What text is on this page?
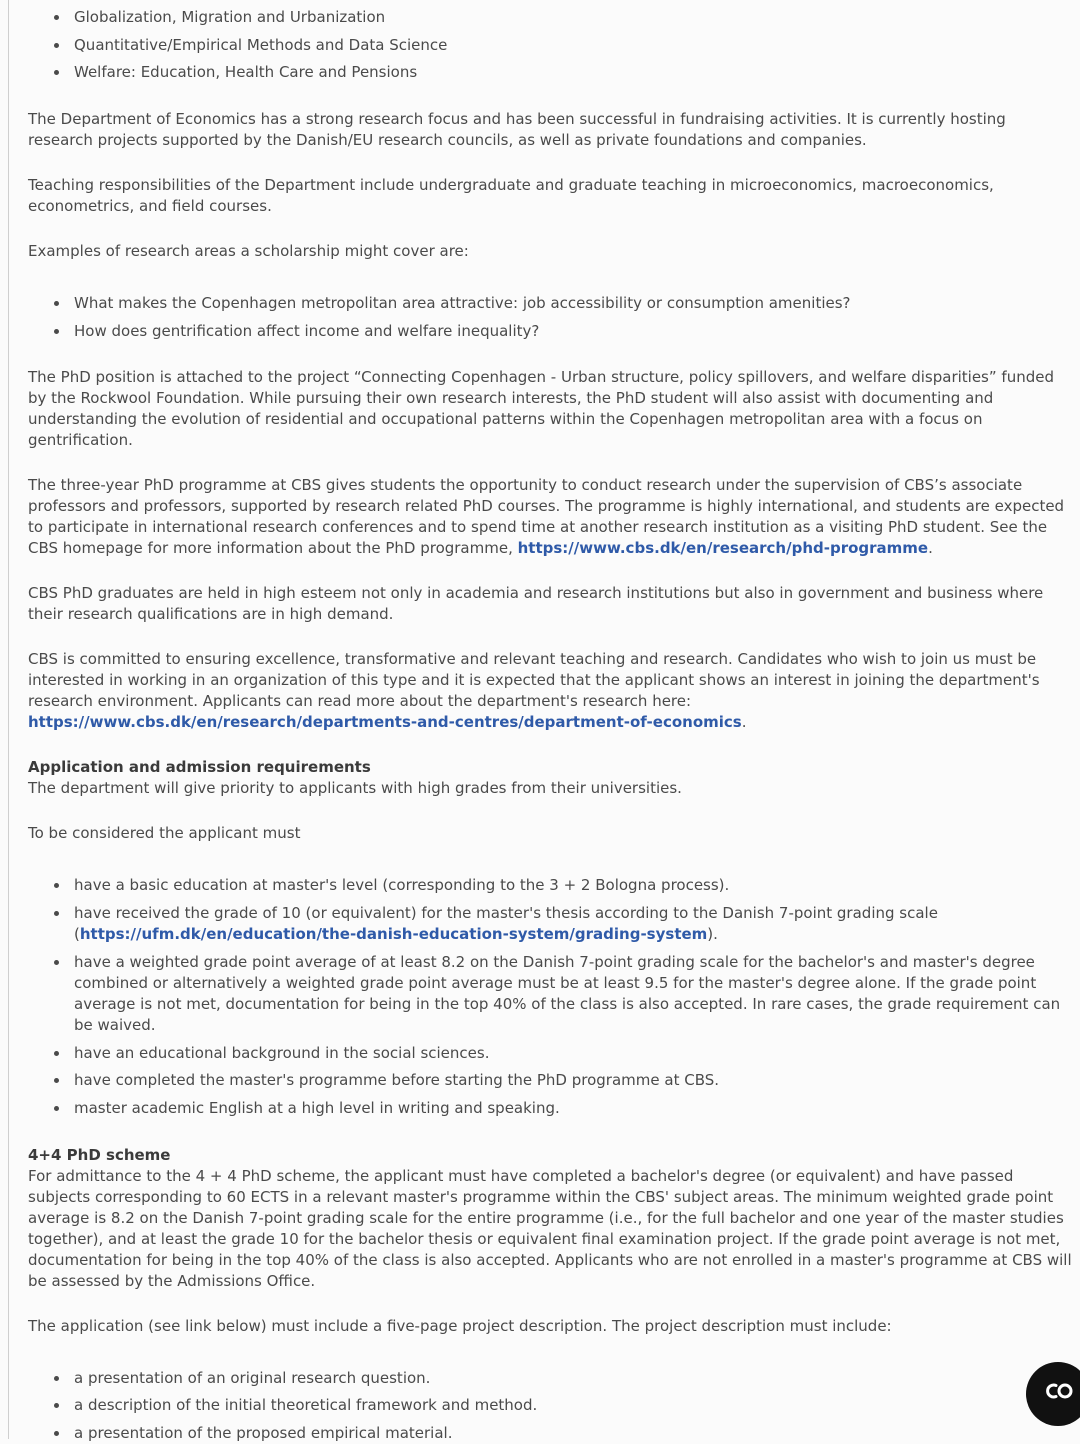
Globalization, Migration and Urbanization
Quantitative/Empirical Methods and Data Science
Welfare: Education, Health Care and Pensions

The Department of Economics has a strong research focus and has been successful in fundraising activities. It is currently hosting research projects supported by the Danish/EU research councils, as well as private foundations and companies.

Teaching responsibilities of the Department include undergraduate and graduate teaching in microeconomics, macroeconomics, econometrics, and field courses.

Examples of research areas a scholarship might cover are:

What makes the Copenhagen metropolitan area attractive: job accessibility or consumption amenities?
How does gentrification affect income and welfare inequality?

The PhD position is attached to the project “Connecting Copenhagen - Urban structure, policy spillovers, and welfare disparities” funded by the Rockwool Foundation. While pursuing their own research interests, the PhD student will also assist with documenting and understanding the evolution of residential and occupational patterns within the Copenhagen metropolitan area with a focus on gentrification.

The three-year PhD programme at CBS gives students the opportunity to conduct research under the supervision of CBS’s associate professors and professors, supported by research related PhD courses. The programme is highly international, and students are expected to participate in international research conferences and to spend time at another research institution as a visiting PhD student. See the CBS homepage for more information about the PhD programme, https://www.cbs.dk/en/research/phd-programme.

CBS PhD graduates are held in high esteem not only in academia and research institutions but also in government and business where their research qualifications are in high demand.

CBS is committed to ensuring excellence, transformative and relevant teaching and research. Candidates who wish to join us must be interested in working in an organization of this type and it is expected that the applicant shows an interest in joining the department's research environment. Applicants can read more about the department's research here:
https://www.cbs.dk/en/research/departments-and-centres/department-of-economics.

Application and admission requirements
The department will give priority to applicants with high grades from their universities.

To be considered the applicant must

have a basic education at master's level (corresponding to the 3 + 2 Bologna process).
have received the grade of 10 (or equivalent) for the master's thesis according to the Danish 7-point grading scale (https://ufm.dk/en/education/the-danish-education-system/grading-system).
have a weighted grade point average of at least 8.2 on the Danish 7-point grading scale for the bachelor's and master's degree combined or alternatively a weighted grade point average must be at least 9.5 for the master's degree alone. If the grade point average is not met, documentation for being in the top 40% of the class is also accepted. In rare cases, the grade requirement can be waived.
have an educational background in the social sciences.
have completed the master's programme before starting the PhD programme at CBS.
master academic English at a high level in writing and speaking.

4+4 PhD scheme
For admittance to the 4 + 4 PhD scheme, the applicant must have completed a bachelor's degree (or equivalent) and have passed subjects corresponding to 60 ECTS in a relevant master's programme within the CBS' subject areas. The minimum weighted grade point average is 8.2 on the Danish 7-point grading scale for the entire programme (i.e., for the full bachelor and one year of the master studies together), and at least the grade 10 for the bachelor thesis or equivalent final examination project. If the grade point average is not met, documentation for being in the top 40% of the class is also accepted. Applicants who are not enrolled in a master's programme at CBS will be assessed by the Admissions Office.

The application (see link below) must include a five-page project description. The project description must include:

a presentation of an original research question.
a description of the initial theoretical framework and method.
a presentation of the proposed empirical material.
